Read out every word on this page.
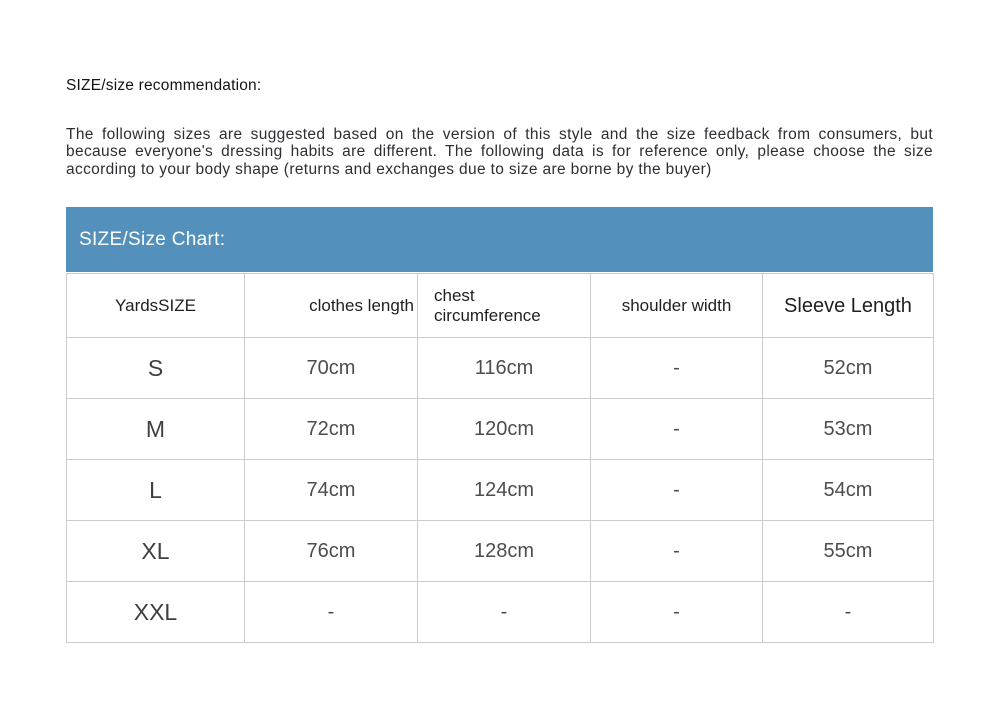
SIZE/size recommendation:

The following sizes are suggested based on the version of this style and the size feedback from consumers, but because everyone's dressing habits are different. The following data is for reference only, please choose the size according to your body shape (returns and exchanges due to size are borne by the buyer)

SIZE/Size Chart:
YardsSIZE	clothes length	chest circumference	shoulder width	Sleeve Length
S	70cm	116cm	-	52cm
M	72cm	120cm	-	53cm
L	74cm	124cm	-	54cm
XL	76cm	128cm	-	55cm
XXL	-	-	-	-
